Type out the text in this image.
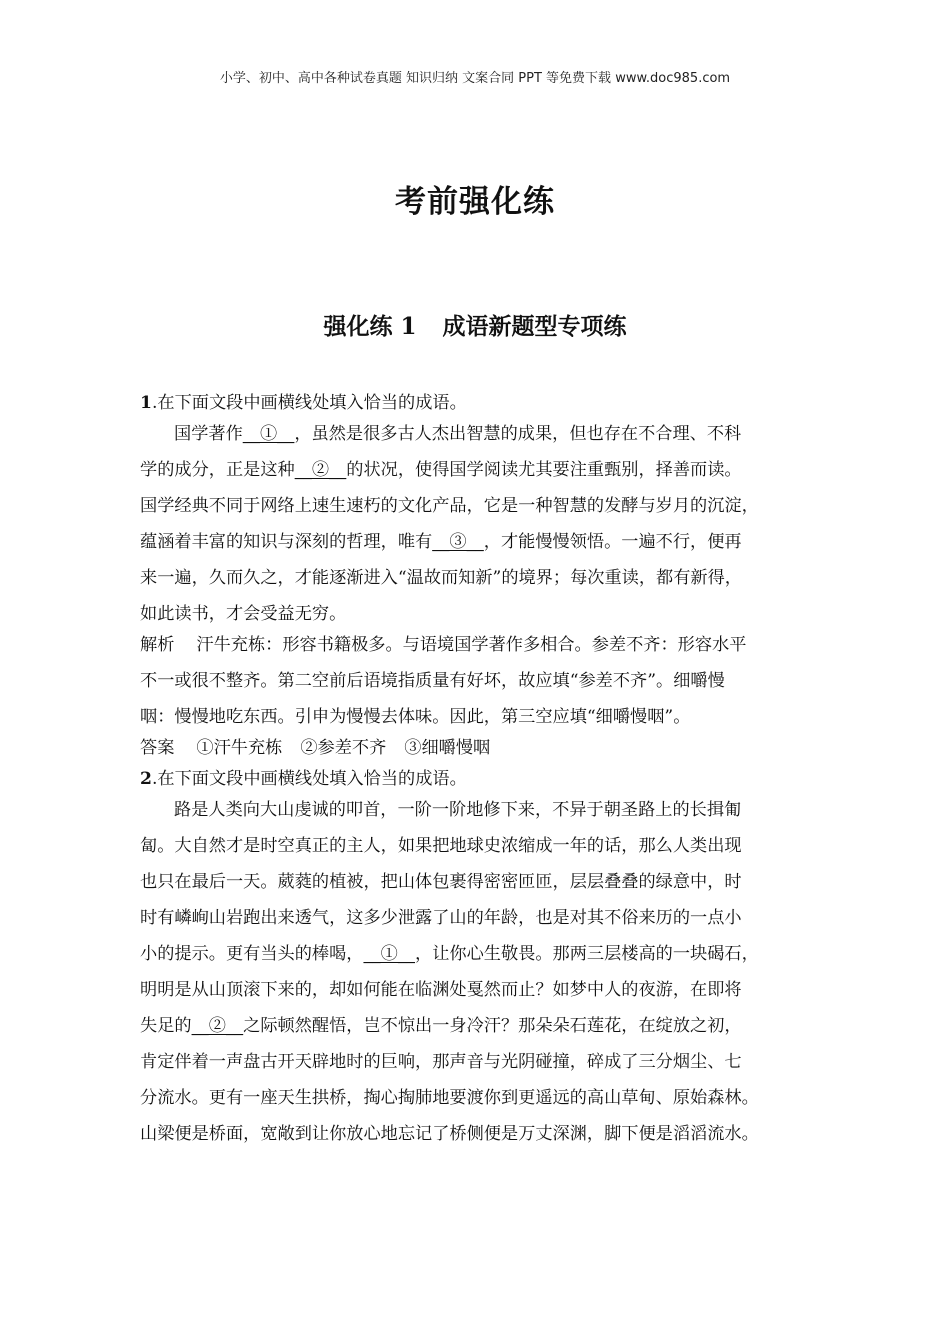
小学、初中、高中各种试卷真题 知识归纳 文案合同 PPT 等免费下载 www.doc985.com
考前强化练
强化练 1 成语新题型专项练
1.在下面文段中画横线处填入恰当的成语。
国学著作__①__，虽然是很多古人杰出智慧的成果，但也存在不合理、不科
学的成分，正是这种__②__的状况，使得国学阅读尤其要注重甄别，择善而读。
国学经典不同于网络上速生速朽的文化产品，它是一种智慧的发酵与岁月的沉淀，
蕴涵着丰富的知识与深刻的哲理，唯有__③__，才能慢慢领悟。一遍不行，便再
来一遍，久而久之，才能逐渐进入“温故而知新”的境界；每次重读，都有新得，
如此读书，才会受益无穷。
解析 汗牛充栋：形容书籍极多。与语境国学著作多相合。参差不齐：形容水平
不一或很不整齐。第二空前后语境指质量有好坏，故应填“参差不齐”。细嚼慢
咽：慢慢地吃东西。引申为慢慢去体味。因此，第三空应填“细嚼慢咽”。
答案 ①汗牛充栋 ②参差不齐 ③细嚼慢咽
2.在下面文段中画横线处填入恰当的成语。
路是人类向大山虔诚的叩首，一阶一阶地修下来，不异于朝圣路上的长揖匍
匐。大自然才是时空真正的主人，如果把地球史浓缩成一年的话，那么人类出现
也只在最后一天。葳蕤的植被，把山体包裹得密密匝匝，层层叠叠的绿意中，时
时有嶙峋山岩跑出来透气，这多少泄露了山的年龄，也是对其不俗来历的一点小
小的提示。更有当头的棒喝，__①__，让你心生敬畏。那两三层楼高的一块碣石，
明明是从山顶滚下来的，却如何能在临渊处戛然而止？如梦中人的夜游，在即将
失足的__②__之际顿然醒悟，岂不惊出一身冷汗？那朵朵石莲花，在绽放之初，
肯定伴着一声盘古开天辟地时的巨响，那声音与光阴碰撞，碎成了三分烟尘、七
分流水。更有一座天生拱桥，掏心掏肺地要渡你到更遥远的高山草甸、原始森林。
山梁便是桥面，宽敞到让你放心地忘记了桥侧便是万丈深渊，脚下便是滔滔流水。
